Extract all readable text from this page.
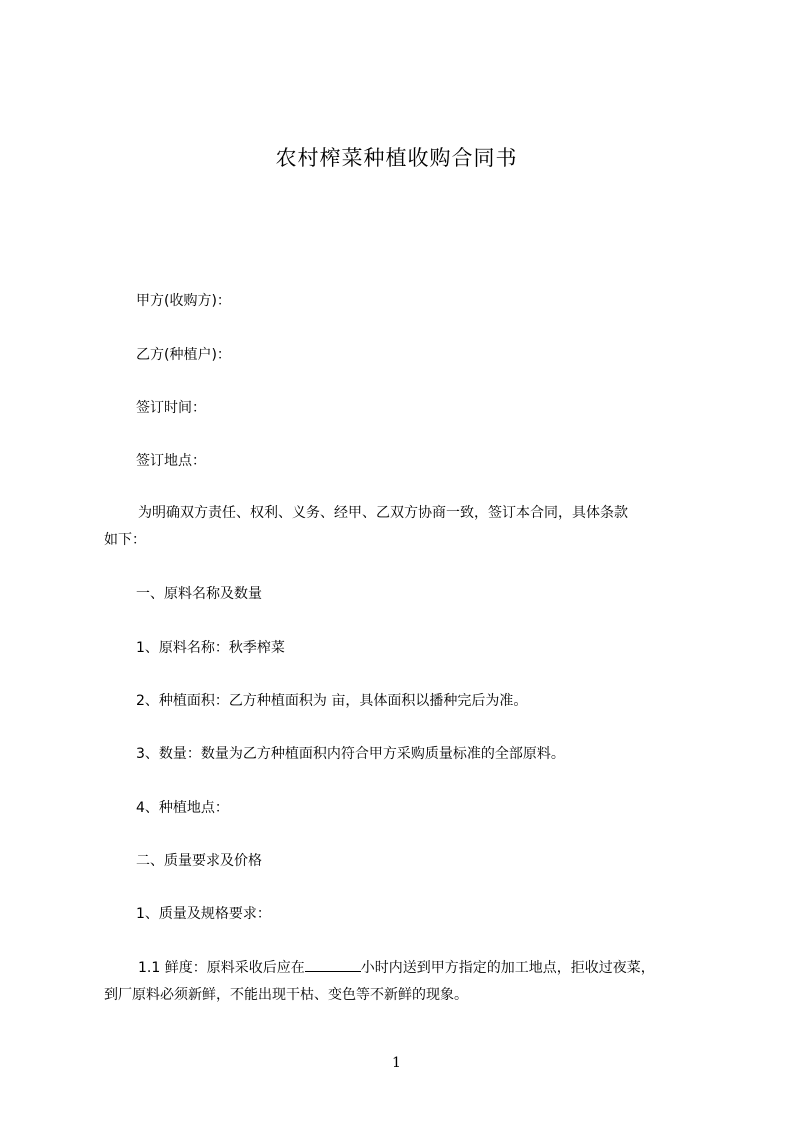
农村榨菜种植收购合同书
甲方(收购方)：
乙方(种植户)：
签订时间：
签订地点：
为明确双方责任、权利、义务、经甲、乙双方协商一致，签订本合同，具体条款
如下：
一、原料名称及数量
1、原料名称：秋季榨菜
2、种植面积：乙方种植面积为 亩，具体面积以播种完后为准。
3、数量：数量为乙方种植面积内符合甲方采购质量标准的全部原料。
4、种植地点：
二、质量要求及价格
1、质量及规格要求：
1.1 鲜度：原料采收后应在	小时内送到甲方指定的加工地点，拒收过夜菜，
到厂原料必须新鲜，不能出现干枯、变色等不新鲜的现象。
1
